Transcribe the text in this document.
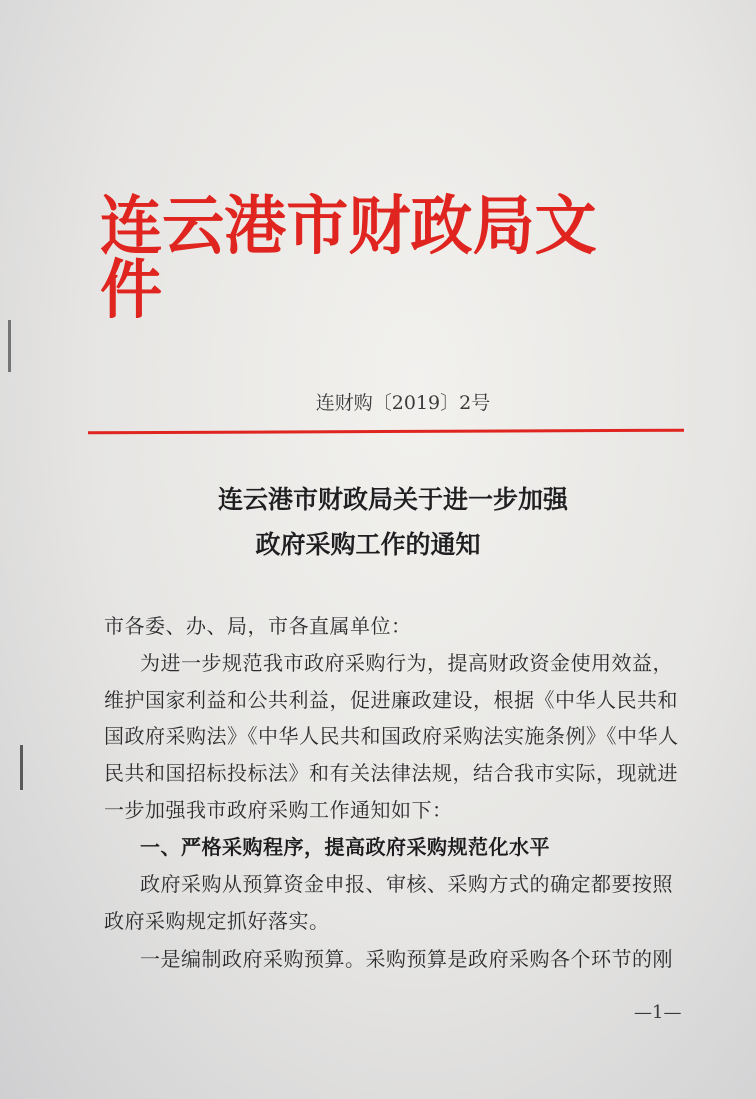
连云港市财政局文件
连财购〔2019〕2号
连云港市财政局关于进一步加强
政府采购工作的通知
市各委、办、局，市各直属单位：
为进一步规范我市政府采购行为，提高财政资金使用效益，
维护国家利益和公共利益，促进廉政建设，根据《中华人民共和
国政府采购法》《中华人民共和国政府采购法实施条例》《中华人
民共和国招标投标法》和有关法律法规，结合我市实际，现就进
一步加强我市政府采购工作通知如下：
一、严格采购程序，提高政府采购规范化水平
政府采购从预算资金申报、审核、采购方式的确定都要按照
政府采购规定抓好落实。
一是编制政府采购预算。采购预算是政府采购各个环节的刚
—1—
